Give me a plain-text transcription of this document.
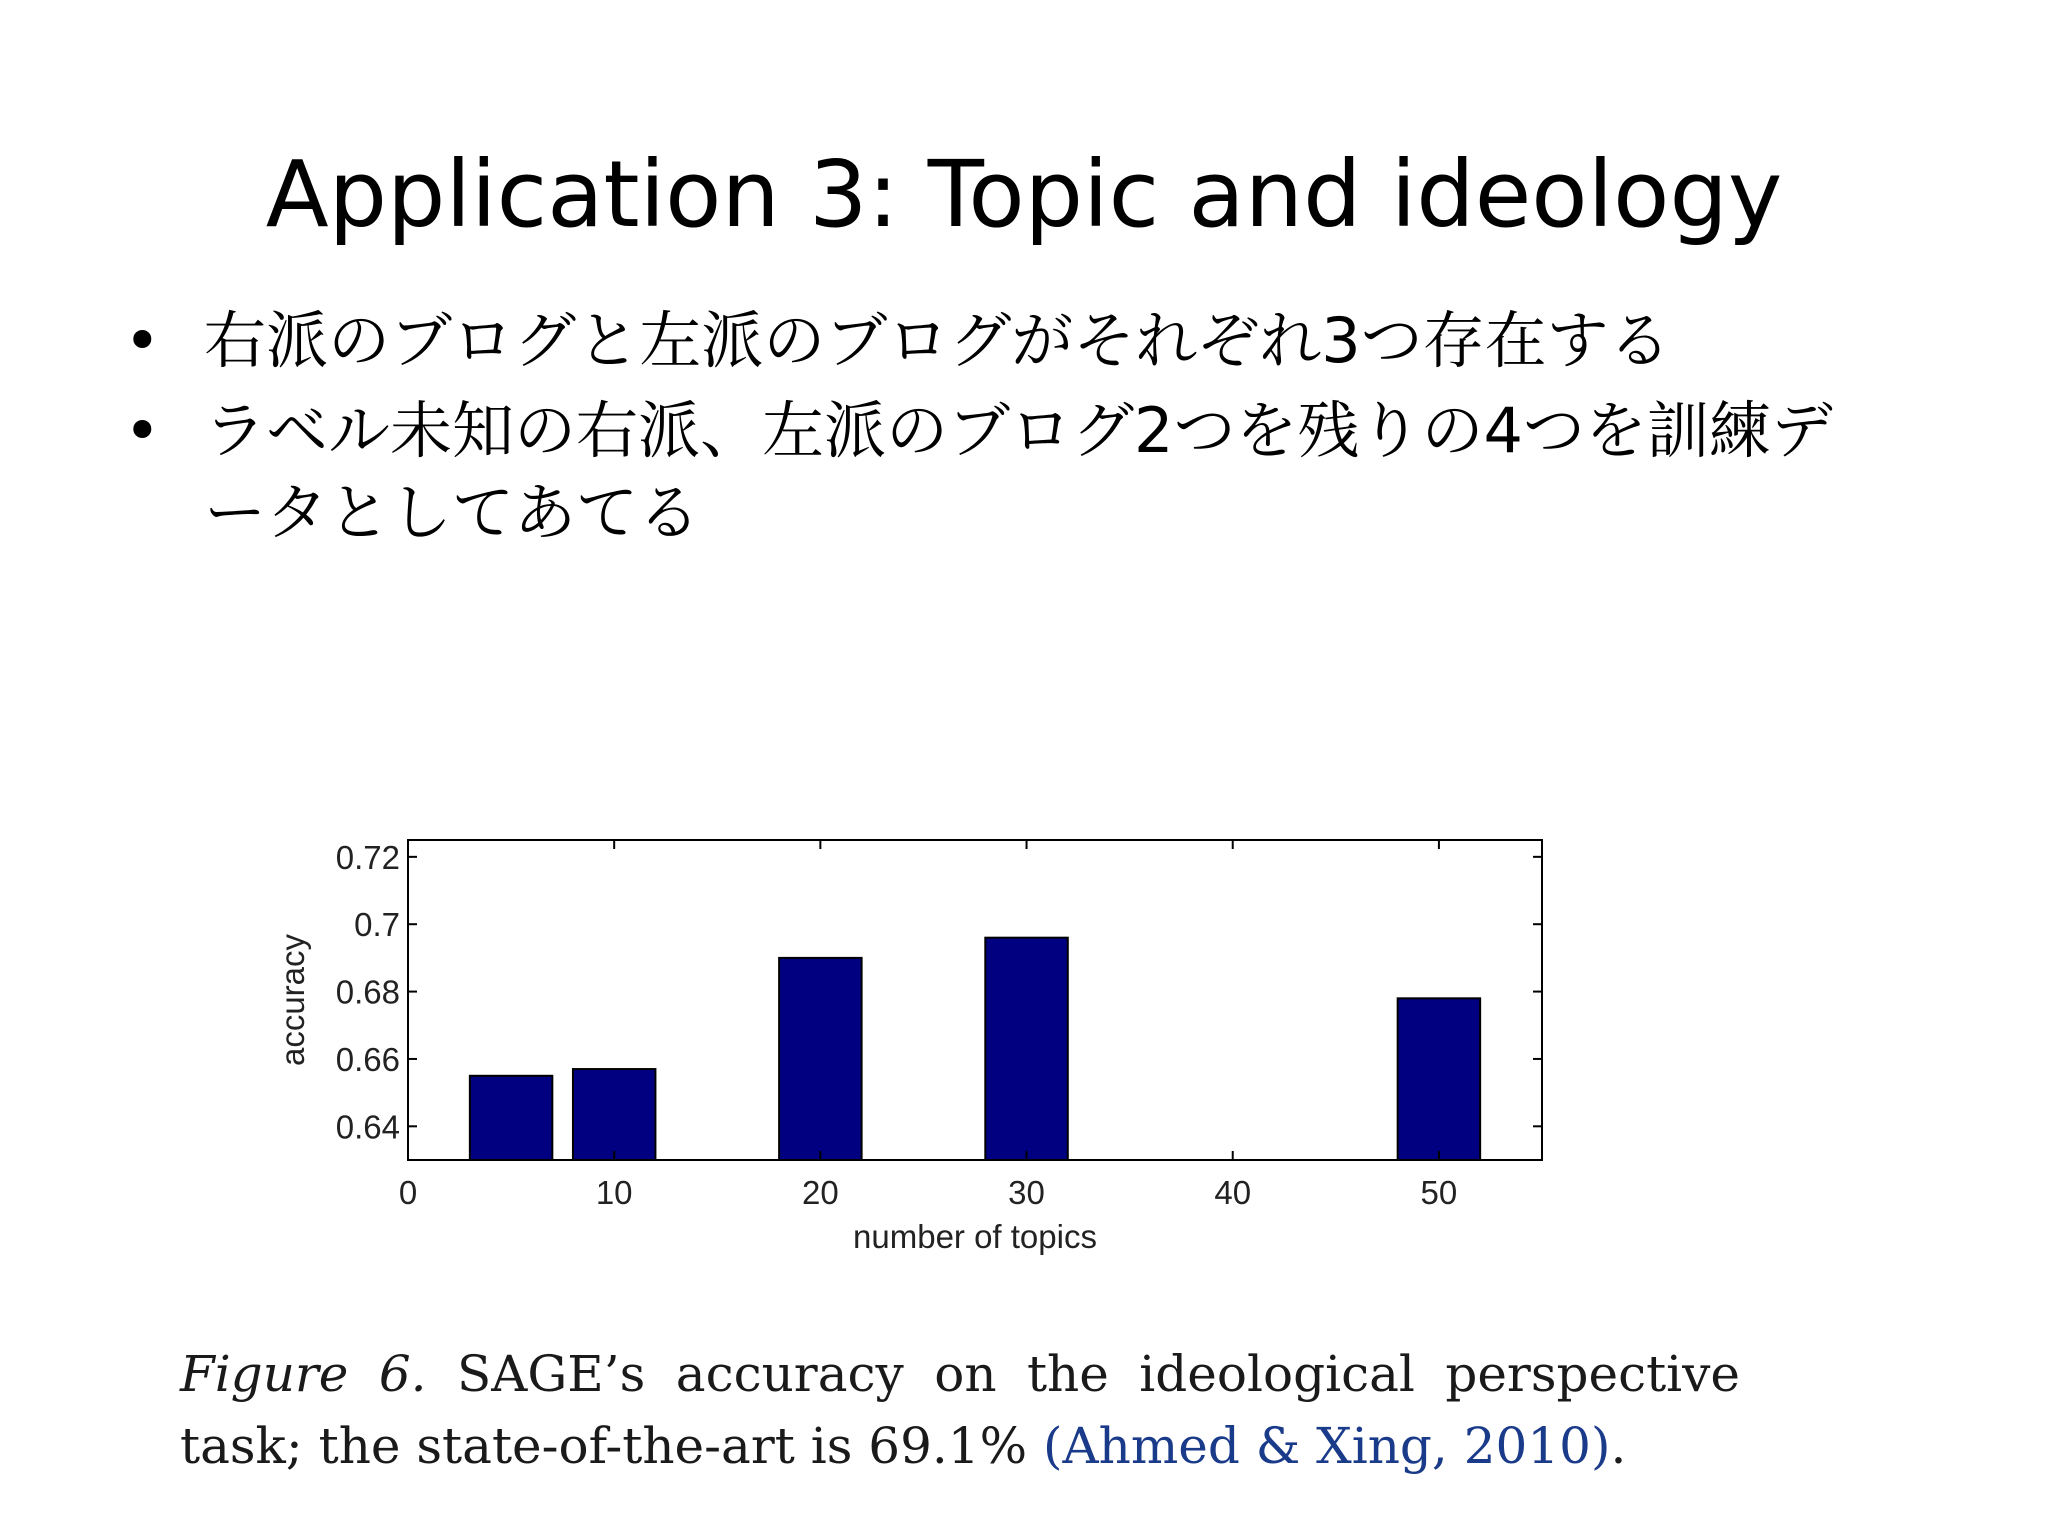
Application 3: Topic and ideology
• 右派のブログと左派のブログがそれぞれ3つ存在する
• ラベル未知の右派、左派のブログ2つを残りの4つを訓練データとしてあてる
0	10	20	30	40	50
0.64
0.66
0.68
0.7
0.72
number of topics
accuracy
Figure 6. SAGE’s accuracy on the ideological perspective
task; the state-of-the-art is 69.1% (Ahmed & Xing, 2010).
